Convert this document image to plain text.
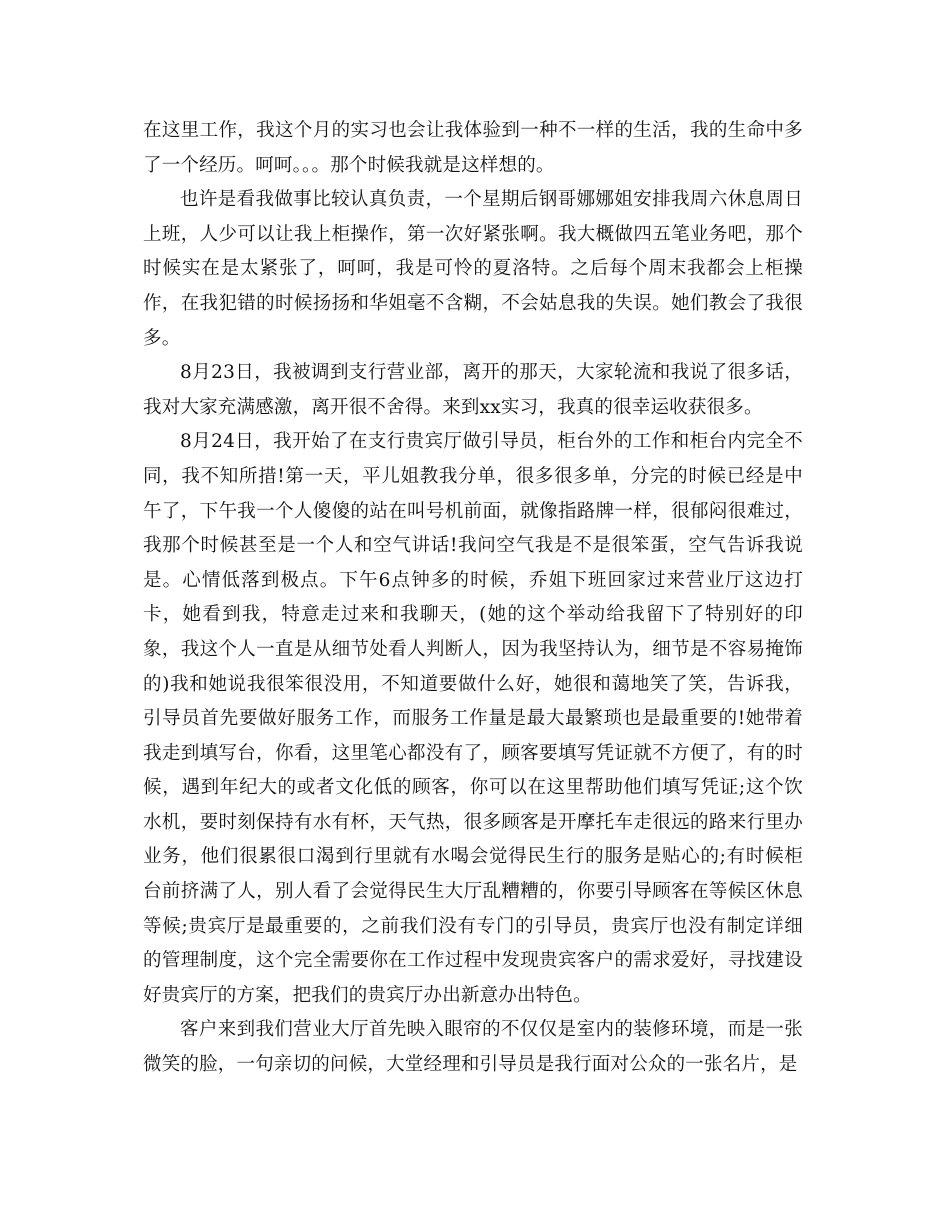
在这里工作，我这个月的实习也会让我体验到一种不一样的生活，我的生命中多了一个经历。呵呵。。。那个时候我就是这样想的。

也许是看我做事比较认真负责，一个星期后钢哥娜娜姐安排我周六休息周日上班，人少可以让我上柜操作，第一次好紧张啊。我大概做四五笔业务吧，那个时候实在是太紧张了，呵呵，我是可怜的夏洛特。之后每个周末我都会上柜操作，在我犯错的时候扬扬和华姐毫不含糊，不会姑息我的失误。她们教会了我很多。

8月23日，我被调到支行营业部，离开的那天，大家轮流和我说了很多话，我对大家充满感激，离开很不舍得。来到xx实习，我真的很幸运收获很多。

8月24日，我开始了在支行贵宾厅做引导员，柜台外的工作和柜台内完全不同，我不知所措!第一天，平儿姐教我分单，很多很多单，分完的时候已经是中午了，下午我一个人傻傻的站在叫号机前面，就像指路牌一样，很郁闷很难过，我那个时候甚至是一个人和空气讲话!我问空气我是不是很笨蛋，空气告诉我说是。心情低落到极点。下午6点钟多的时候，乔姐下班回家过来营业厅这边打卡，她看到我，特意走过来和我聊天，(她的这个举动给我留下了特别好的印象，我这个人一直是从细节处看人判断人，因为我坚持认为，细节是不容易掩饰的)我和她说我很笨很没用，不知道要做什么好，她很和蔼地笑了笑，告诉我，引导员首先要做好服务工作，而服务工作量是最大最繁琐也是最重要的!她带着我走到填写台，你看，这里笔心都没有了，顾客要填写凭证就不方便了，有的时候，遇到年纪大的或者文化低的顾客，你可以在这里帮助他们填写凭证;这个饮水机，要时刻保持有水有杯，天气热，很多顾客是开摩托车走很远的路来行里办业务，他们很累很口渴到行里就有水喝会觉得民生行的服务是贴心的;有时候柜台前挤满了人，别人看了会觉得民生大厅乱糟糟的，你要引导顾客在等候区休息等候;贵宾厅是最重要的，之前我们没有专门的引导员，贵宾厅也没有制定详细的管理制度，这个完全需要你在工作过程中发现贵宾客户的需求爱好，寻找建设好贵宾厅的方案，把我们的贵宾厅办出新意办出特色。

客户来到我们营业大厅首先映入眼帘的不仅仅是室内的装修环境，而是一张微笑的脸，一句亲切的问候，大堂经理和引导员是我行面对公众的一张名片，是
